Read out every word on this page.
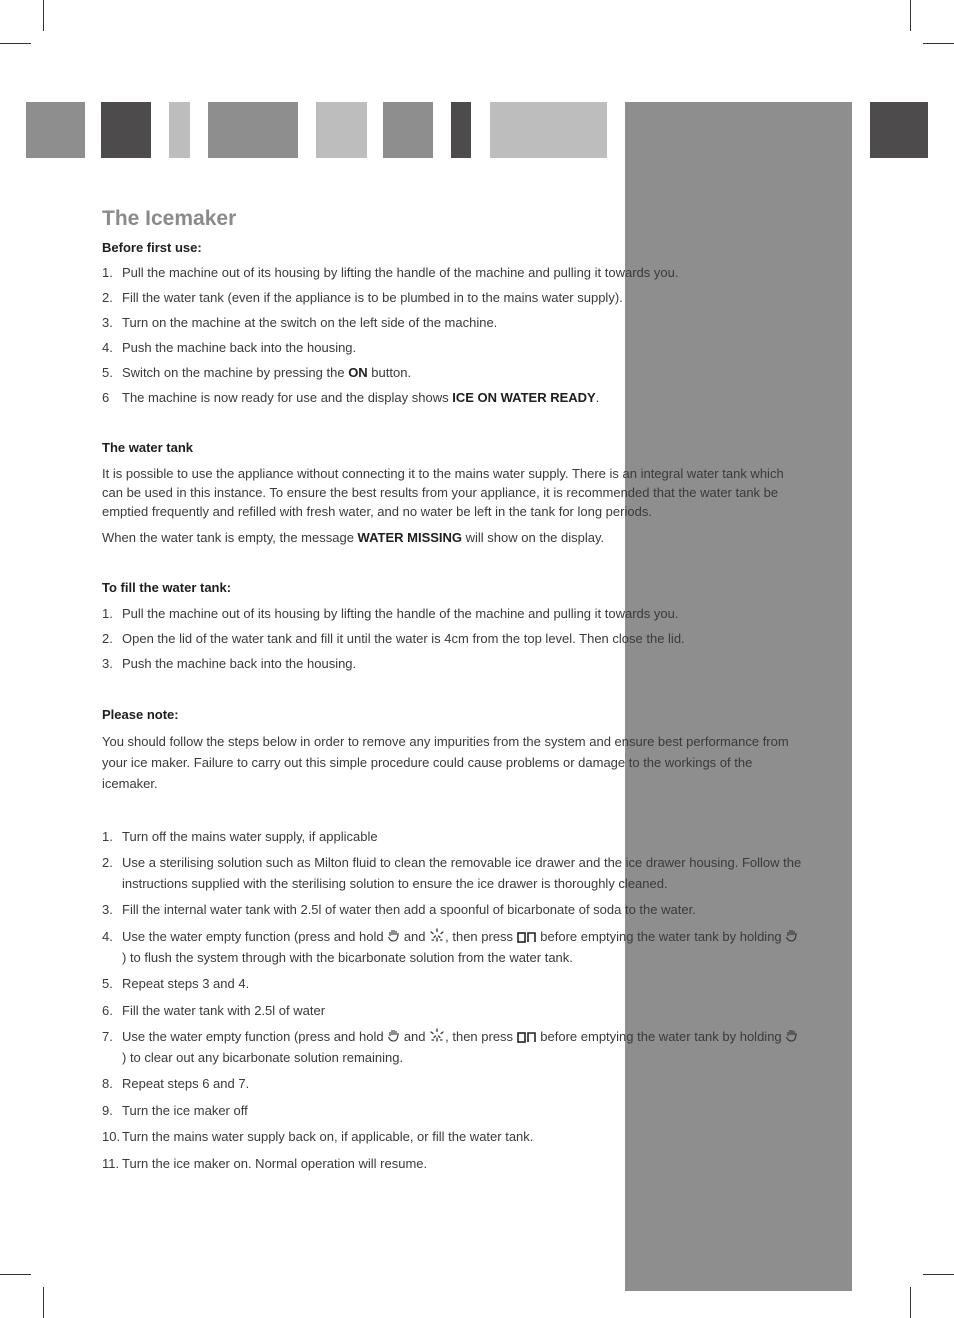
The Icemaker
Before first use:
1. Pull the machine out of its housing by lifting the handle of the machine and pulling it towards you.
2. Fill the water tank (even if the appliance is to be plumbed in to the mains water supply).
3. Turn on the machine at the switch on the left side of the machine.
4. Push the machine back into the housing.
5. Switch on the machine by pressing the ON button.
6 The machine is now ready for use and the display shows ICE ON WATER READY.
The water tank

It is possible to use the appliance without connecting it to the mains water supply. There is an integral water tank which can be used in this instance. To ensure the best results from your appliance, it is recommended that the water tank be emptied frequently and refilled with fresh water, and no water be left in the tank for long periods.

When the water tank is empty, the message WATER MISSING will show on the display.

To fill the water tank:
1. Pull the machine out of its housing by lifting the handle of the machine and pulling it towards you.
2. Open the lid of the water tank and fill it until the water is 4cm from the top level. Then close the lid.
3. Push the machine back into the housing.
Please note:

You should follow the steps below in order to remove any impurities from the system and ensure best performance from your ice maker. Failure to carry out this simple procedure could cause problems or damage to the workings of the icemaker.

1. Turn off the mains water supply, if applicable
2. Use a sterilising solution such as Milton fluid to clean the removable ice drawer and the ice drawer housing. Follow the instructions supplied with the sterilising solution to ensure the ice drawer is thoroughly cleaned.
3. Fill the internal water tank with 2.5l of water then add a spoonful of bicarbonate of soda to the water.
4. Use the water empty function (press and hold  and , then press  before emptying the water tank by holding ) to flush the system through with the bicarbonate solution from the water tank.
5. Repeat steps 3 and 4.
6. Fill the water tank with 2.5l of water
7. Use the water empty function (press and hold  and , then press  before emptying the water tank by holding ) to clear out any bicarbonate solution remaining.
8. Repeat steps 6 and 7.
9. Turn the ice maker off
10. Turn the mains water supply back on, if applicable, or fill the water tank.
11. Turn the ice maker on. Normal operation will resume.
